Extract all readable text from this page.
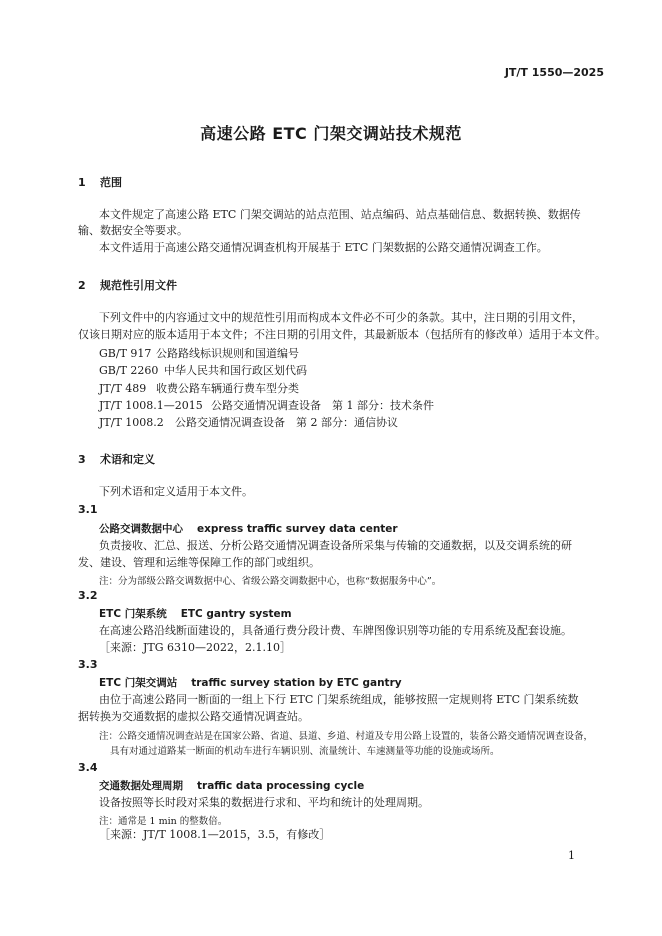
JT/T 1550—2025
高速公路 ETC 门架交调站技术规范
1 范围
本文件规定了高速公路 ETC 门架交调站的站点范围、站点编码、站点基础信息、数据转换、数据传
输、数据安全等要求。
本文件适用于高速公路交通情况调查机构开展基于 ETC 门架数据的公路交通情况调查工作。
2 规范性引用文件
下列文件中的内容通过文中的规范性引用而构成本文件必不可少的条款。其中，注日期的引用文件，
仅该日期对应的版本适用于本文件；不注日期的引用文件，其最新版本（包括所有的修改单）适用于本文件。
GB/T 917 公路路线标识规则和国道编号
GB/T 2260 中华人民共和国行政区划代码
JT/T 489 收费公路车辆通行费车型分类
JT/T 1008.1—2015 公路交通情况调查设备　第 1 部分：技术条件
JT/T 1008.2 公路交通情况调查设备　第 2 部分：通信协议
3 术语和定义
下列术语和定义适用于本文件。
3.1
公路交调数据中心 express traffic survey data center
负责接收、汇总、报送、分析公路交通情况调查设备所采集与传输的交通数据，以及交调系统的研
发、建设、管理和运维等保障工作的部门或组织。
注：分为部级公路交调数据中心、省级公路交调数据中心，也称“数据服务中心”。
3.2
ETC 门架系统 ETC gantry system
在高速公路沿线断面建设的，具备通行费分段计费、车牌图像识别等功能的专用系统及配套设施。
［来源：JTG 6310—2022，2.1.10］
3.3
ETC 门架交调站 traffic survey station by ETC gantry
由位于高速公路同一断面的一组上下行 ETC 门架系统组成，能够按照一定规则将 ETC 门架系统数
据转换为交通数据的虚拟公路交通情况调查站。
注：公路交通情况调查站是在国家公路、省道、县道、乡道、村道及专用公路上设置的，装备公路交通情况调查设备，
具有对通过道路某一断面的机动车进行车辆识别、流量统计、车速测量等功能的设施或场所。
3.4
交通数据处理周期 traffic data processing cycle
设备按照等长时段对采集的数据进行求和、平均和统计的处理周期。
注：通常是 1 min 的整数倍。
［来源：JT/T 1008.1—2015，3.5，有修改］
1
